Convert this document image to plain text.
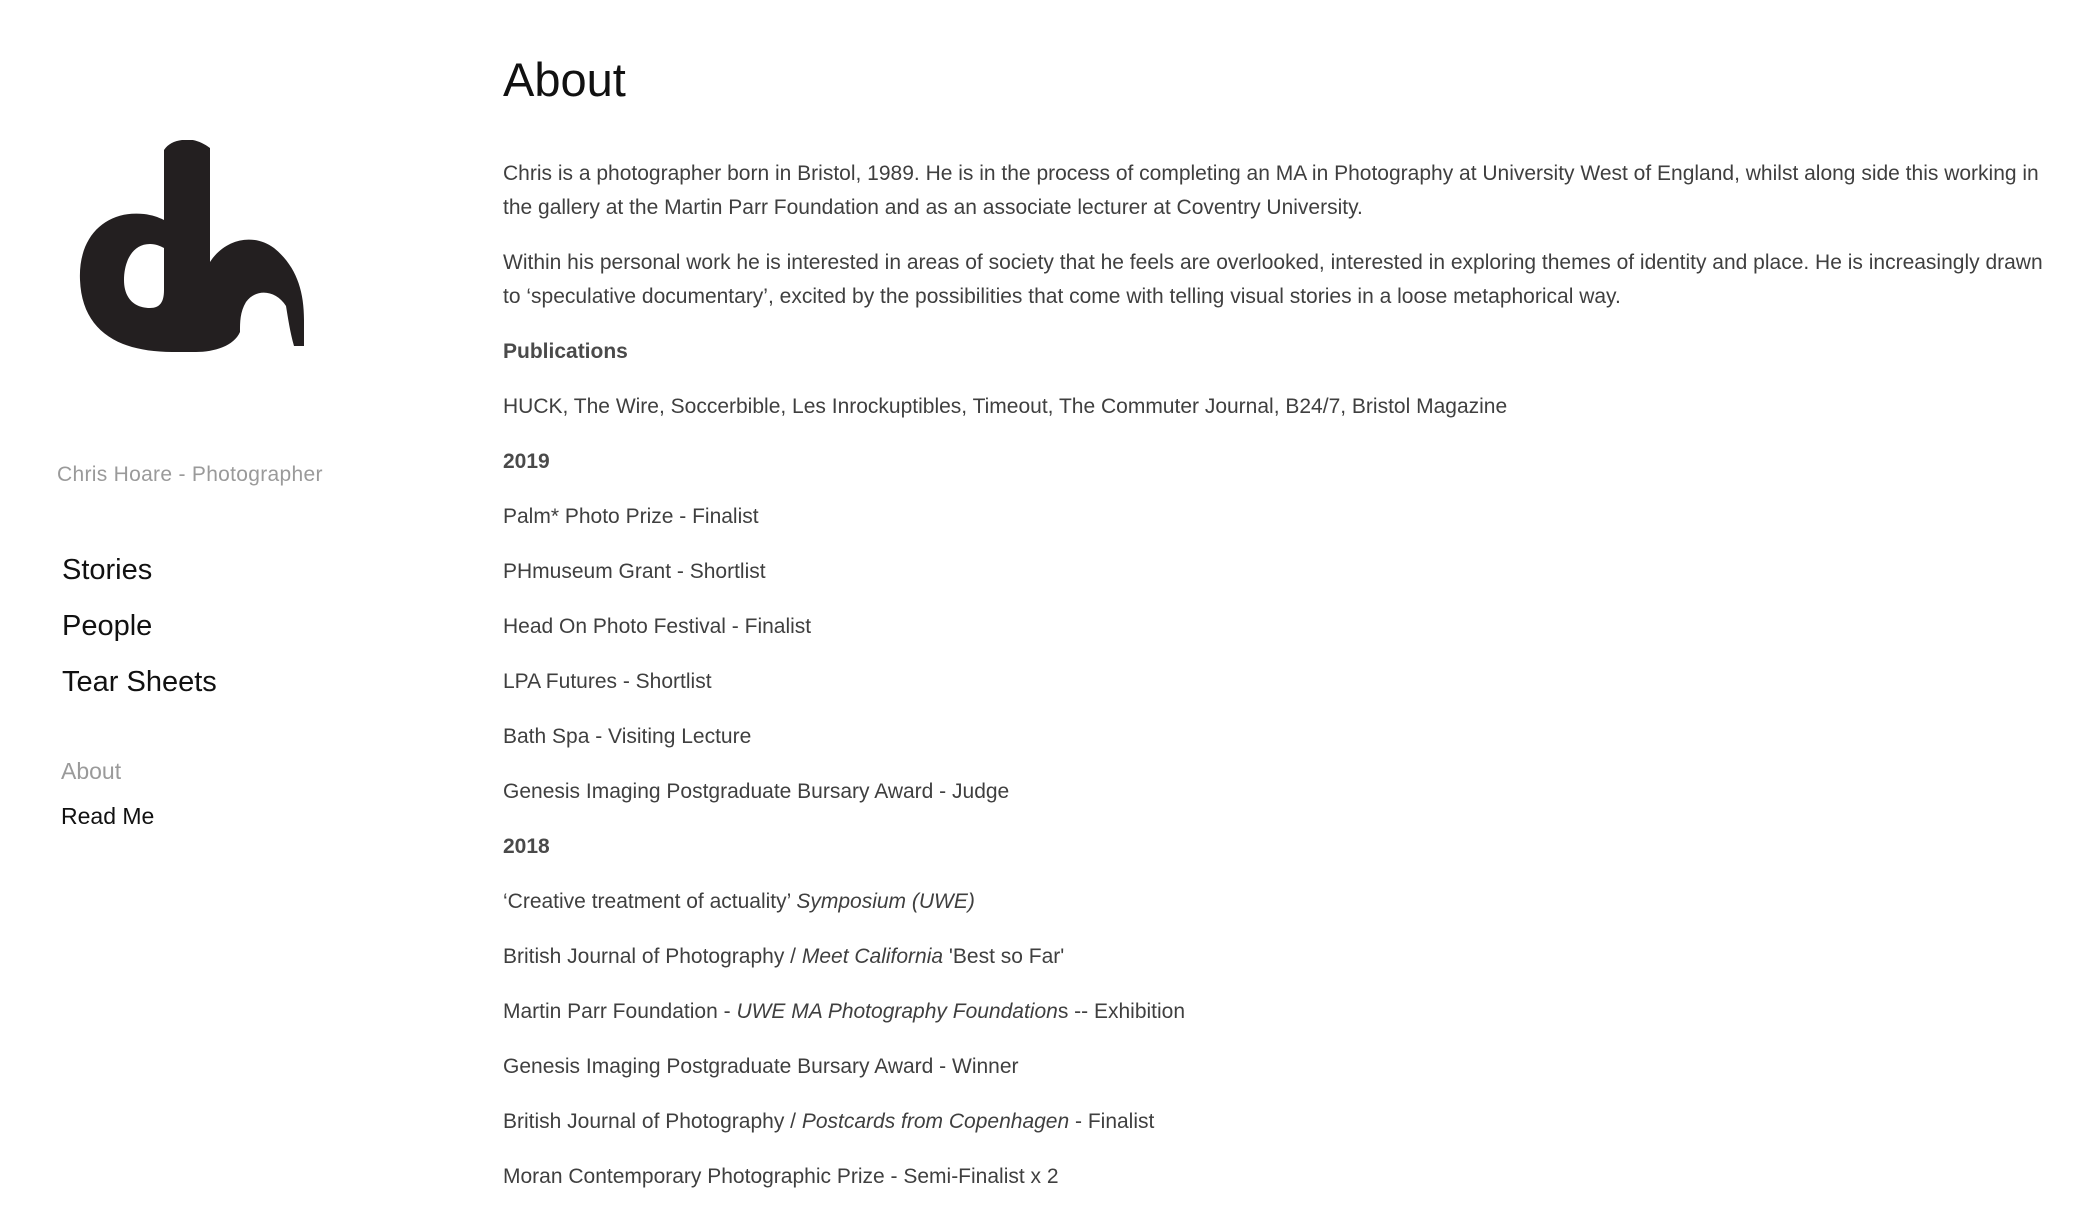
Chris Hoare - Photographer
Stories
People
Tear Sheets
About
Read Me
About

Chris is a photographer born in Bristol, 1989. He is in the process of completing an MA in Photography at University West of England, whilst along side this working in the gallery at the Martin Parr Foundation and as an associate lecturer at Coventry University.

Within his personal work he is interested in areas of society that he feels are overlooked, interested in exploring themes of identity and place. He is increasingly drawn to ‘speculative documentary’, excited by the possibilities that come with telling visual stories in a loose metaphorical way.

Publications

HUCK, The Wire, Soccerbible, Les Inrockuptibles, Timeout, The Commuter Journal, B24/7, Bristol Magazine

2019

Palm* Photo Prize - Finalist
PHmuseum Grant - Shortlist
Head On Photo Festival - Finalist
LPA Futures - Shortlist
Bath Spa - Visiting Lecture
Genesis Imaging Postgraduate Bursary Award - Judge

2018

‘Creative treatment of actuality’ Symposium (UWE)
British Journal of Photography / Meet California 'Best so Far'
Martin Parr Foundation - UWE MA Photography Foundations -- Exhibition
Genesis Imaging Postgraduate Bursary Award - Winner
British Journal of Photography / Postcards from Copenhagen - Finalist
Moran Contemporary Photographic Prize - Semi-Finalist x 2
